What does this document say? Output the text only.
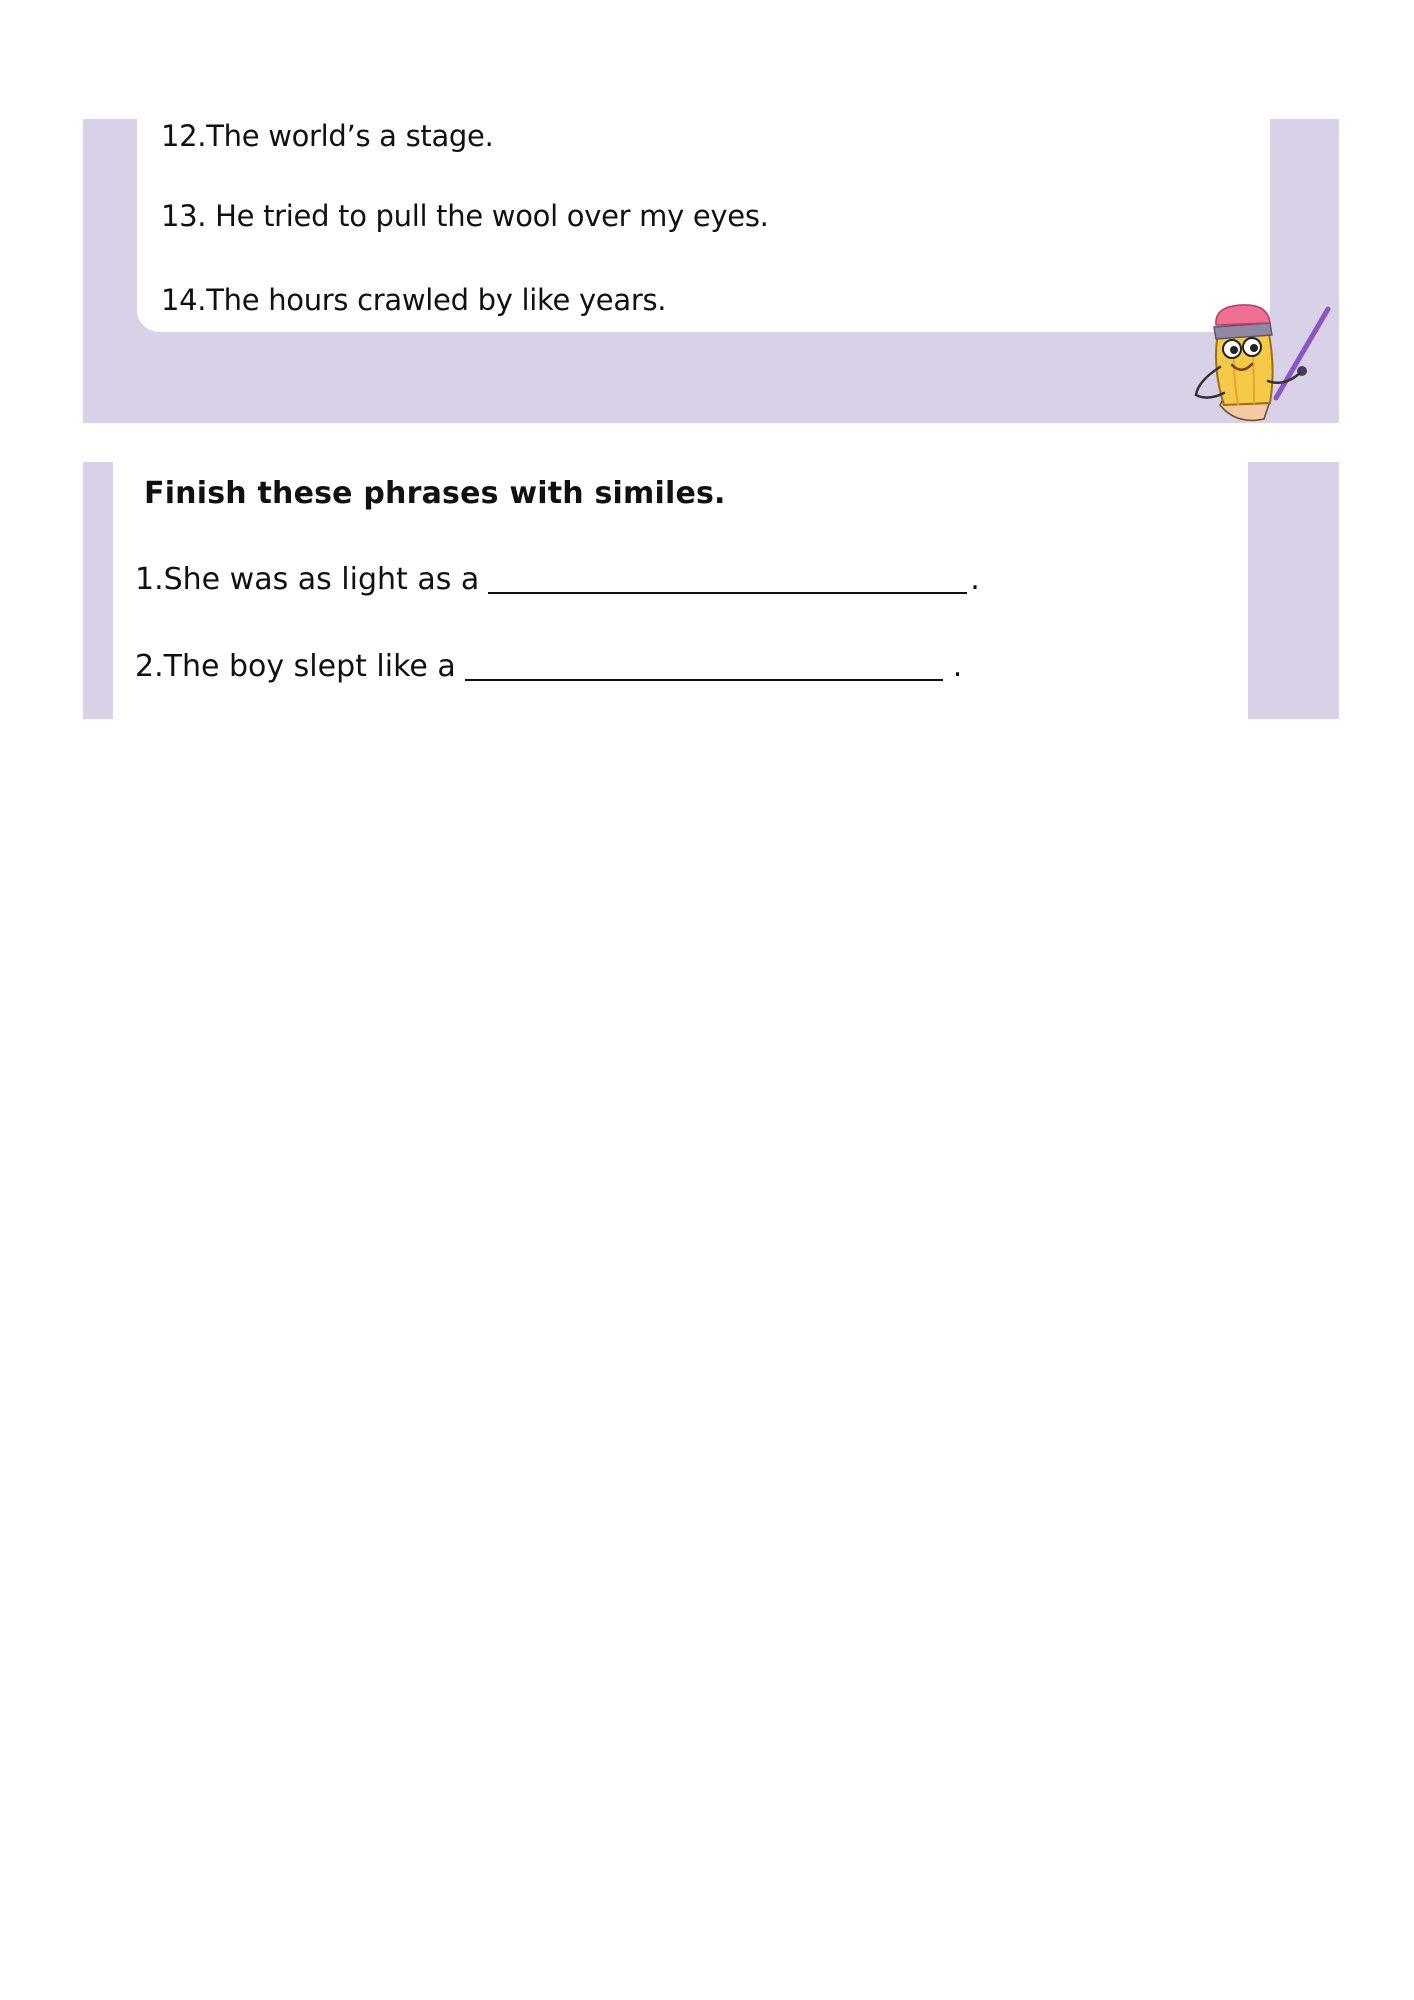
12.The world’s a stage.

13. He tried to pull the wool over my eyes.

14.The hours crawled by like years.

Finish these phrases with similes.

1. She was as light as a	.

2. The boy slept like a	.
